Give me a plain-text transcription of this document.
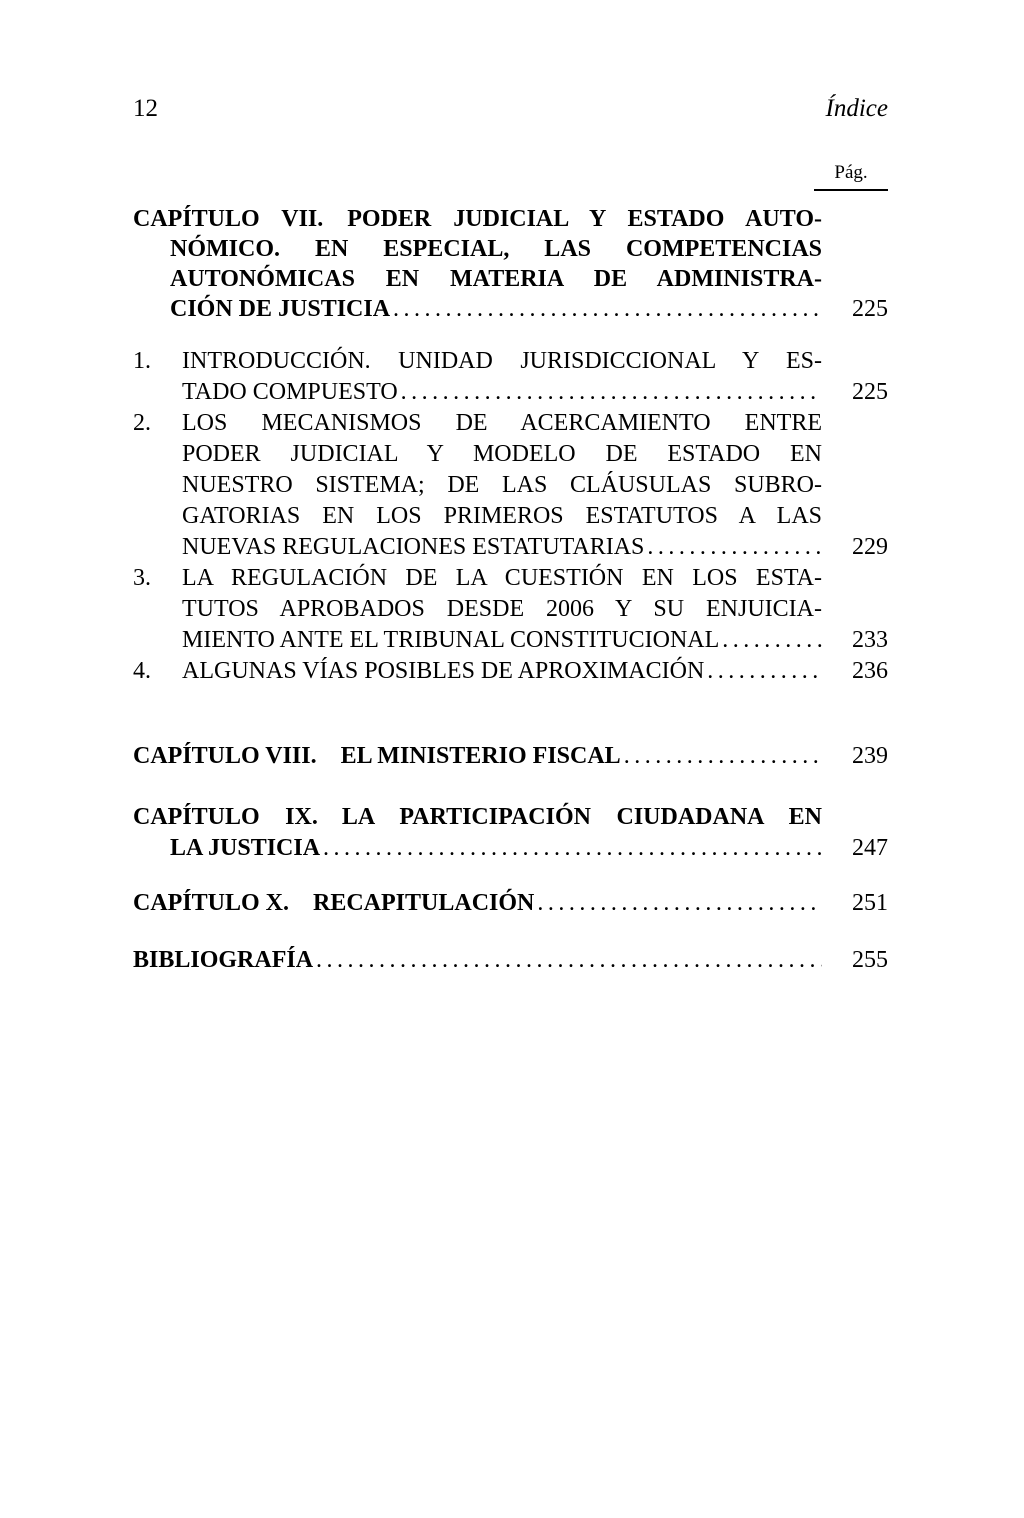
12	Índice
Pág.
CAPÍTULO VII. PODER JUDICIAL Y ESTADO AUTO-
NÓMICO. EN ESPECIAL, LAS COMPETENCIAS
AUTONÓMICAS EN MATERIA DE ADMINISTRA-
CIÓN DE JUSTICIA .....	225
1.	INTRODUCCIÓN. UNIDAD JURISDICCIONAL Y ES-
TADO COMPUESTO .....	225
2.	LOS MECANISMOS DE ACERCAMIENTO ENTRE
PODER JUDICIAL Y MODELO DE ESTADO EN
NUESTRO SISTEMA; DE LAS CLÁUSULAS SUBRO-
GATORIAS EN LOS PRIMEROS ESTATUTOS A LAS
NUEVAS REGULACIONES ESTATUTARIAS .....	229
3.	LA REGULACIÓN DE LA CUESTIÓN EN LOS ESTA-
TUTOS APROBADOS DESDE 2006 Y SU ENJUICIA-
MIENTO ANTE EL TRIBUNAL CONSTITUCIONAL .....	233
4.	ALGUNAS VÍAS POSIBLES DE APROXIMACIÓN .....	236
CAPÍTULO VIII. EL MINISTERIO FISCAL .....	239
CAPÍTULO IX. LA PARTICIPACIÓN CIUDADANA EN
LA JUSTICIA .....	247
CAPÍTULO X. RECAPITULACIÓN .....	251
BIBLIOGRAFÍA .....	255
